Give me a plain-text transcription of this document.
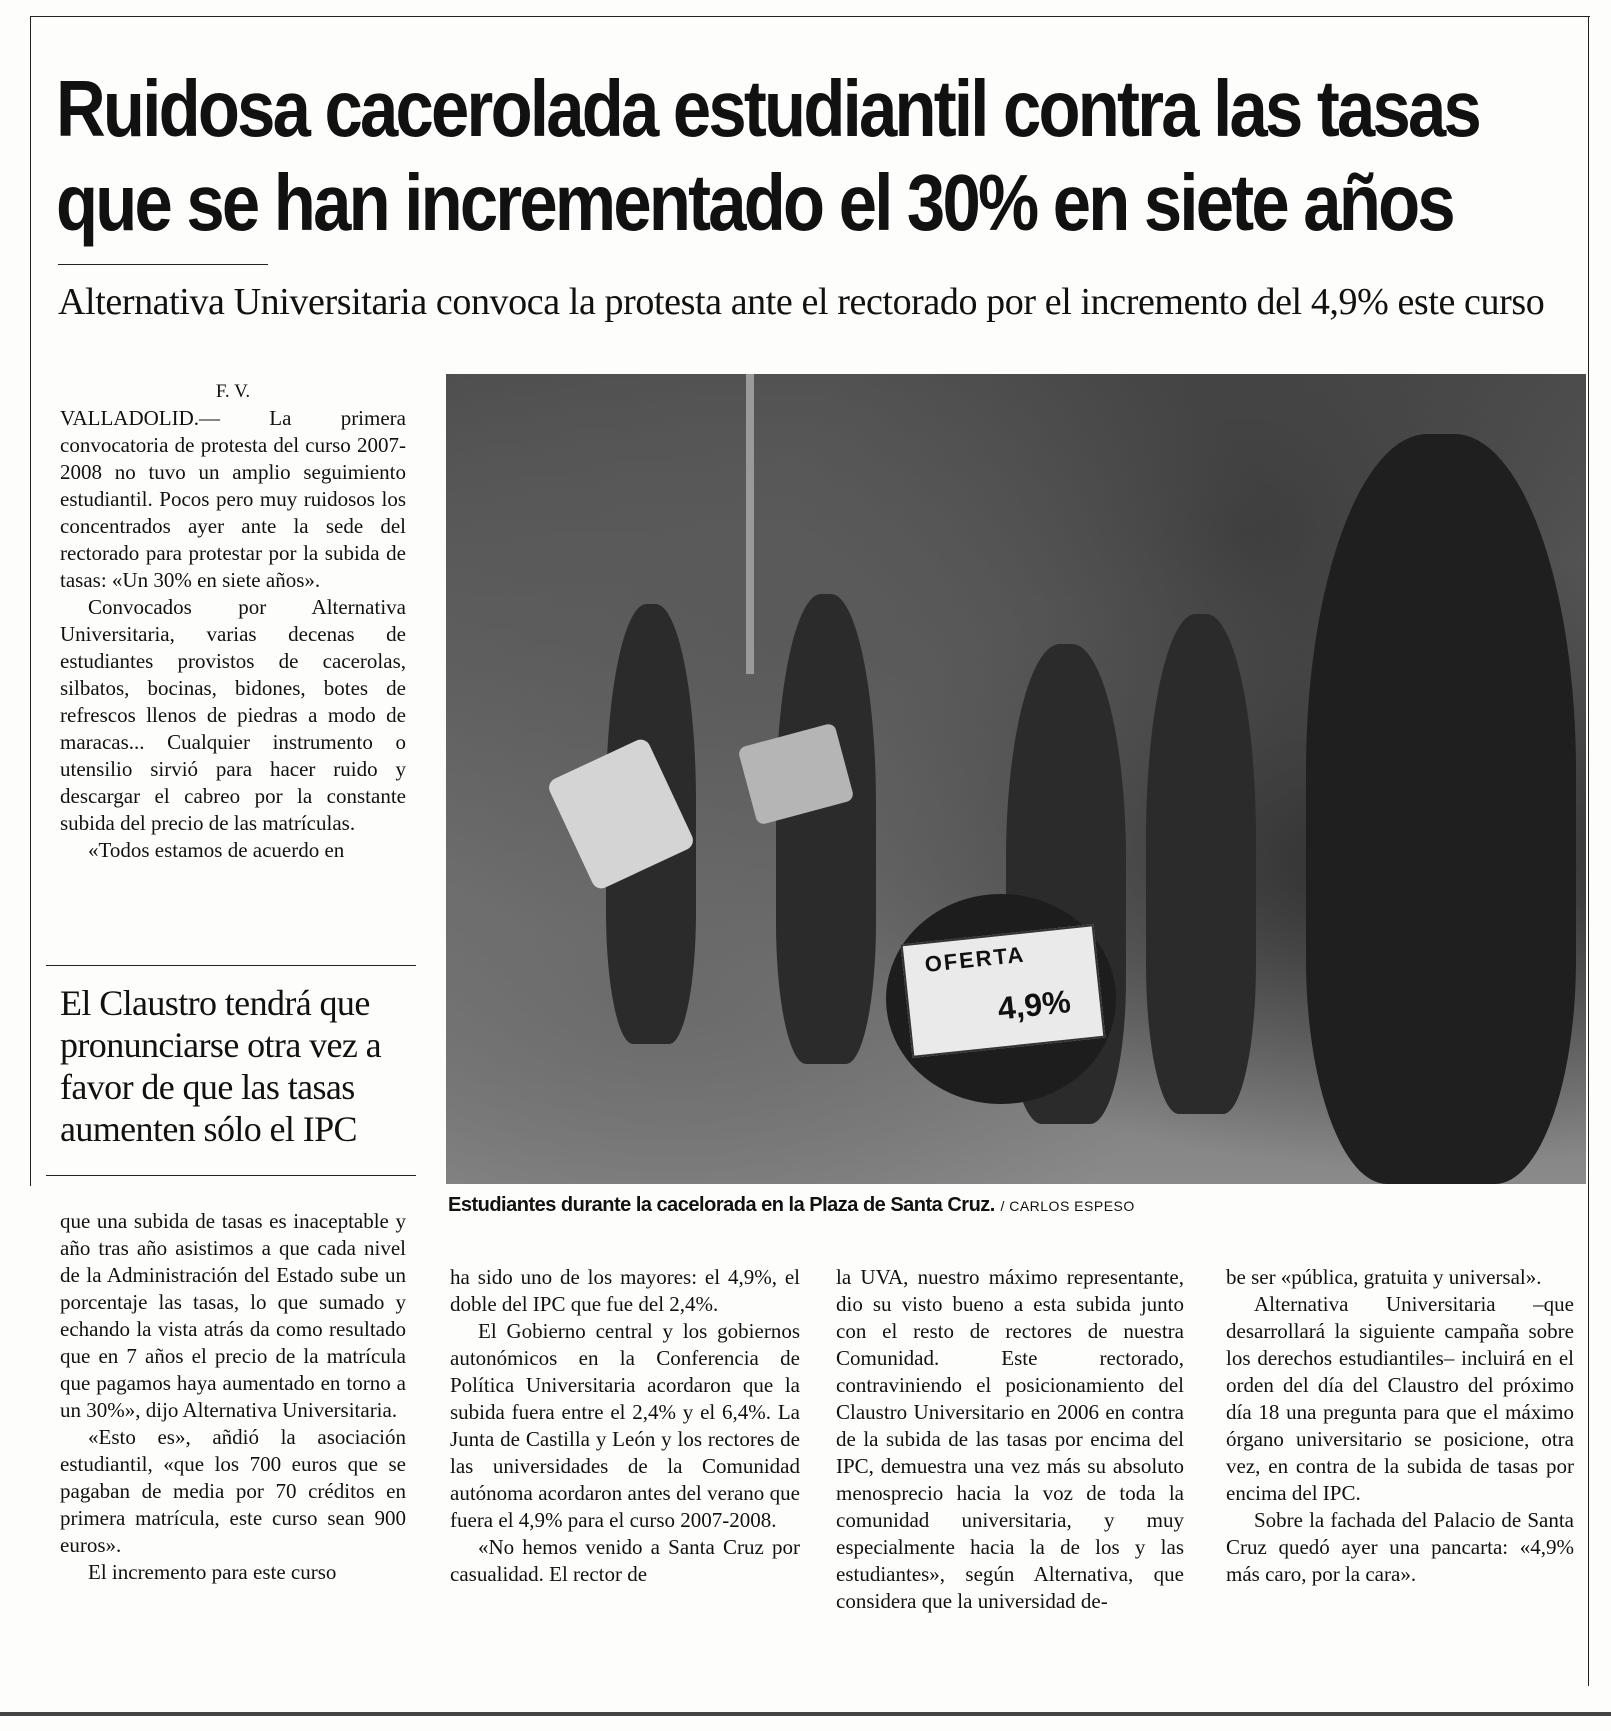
Ruidosa cacerolada estudiantil contra las tasas
que se han incrementado el 30% en siete años
Alternativa Universitaria convoca la protesta ante el rectorado por el incremento del 4,9% este curso
F. V.

VALLADOLID.— La primera convocatoria de protesta del curso 2007-2008 no tuvo un amplio seguimiento estudiantil. Pocos pero muy ruidosos los concentrados ayer ante la sede del rectorado para protestar por la subida de tasas: «Un 30% en siete años».

Convocados por Alternativa Universitaria, varias decenas de estudiantes provistos de cacerolas, silbatos, bocinas, bidones, botes de refrescos llenos de piedras a modo de maracas... Cualquier instrumento o utensilio sirvió para hacer ruido y descargar el cabreo por la constante subida del precio de las matrículas.

«Todos estamos de acuerdo en

El Claustro tendrá que pronunciarse otra vez a favor de que las tasas aumenten sólo el IPC
OFERTA
4,9%
Estudiantes durante la cacelorada en la Plaza de Santa Cruz. / CARLOS ESPESO

que una subida de tasas es inaceptable y año tras año asistimos a que cada nivel de la Administración del Estado sube un porcentaje las tasas, lo que sumado y echando la vista atrás da como resultado que en 7 años el precio de la matrícula que pagamos haya aumentado en torno a un 30%», dijo Alternativa Universitaria.

«Esto es», añdió la asociación estudiantil, «que los 700 euros que se pagaban de media por 70 créditos en primera matrícula, este curso sean 900 euros».

El incremento para este curso

ha sido uno de los mayores: el 4,9%, el doble del IPC que fue del 2,4%.

El Gobierno central y los gobiernos autonómicos en la Conferencia de Política Universitaria acordaron que la subida fuera entre el 2,4% y el 6,4%. La Junta de Castilla y León y los rectores de las universidades de la Comunidad autónoma acordaron antes del verano que fuera el 4,9% para el curso 2007-2008.

«No hemos venido a Santa Cruz por casualidad. El rector de

la UVA, nuestro máximo representante, dio su visto bueno a esta subida junto con el resto de rectores de nuestra Comunidad. Este rectorado, contraviniendo el posicionamiento del Claustro Universitario en 2006 en contra de la subida de las tasas por encima del IPC, demuestra una vez más su absoluto menosprecio hacia la voz de toda la comunidad universitaria, y muy especialmente hacia la de los y las estudiantes», según Alternativa, que considera que la universidad de-

be ser «pública, gratuita y universal».

Alternativa Universitaria –que desarrollará la siguiente campaña sobre los derechos estudiantiles– incluirá en el orden del día del Claustro del próximo día 18 una pregunta para que el máximo órgano universitario se posicione, otra vez, en contra de la subida de tasas por encima del IPC.

Sobre la fachada del Palacio de Santa Cruz quedó ayer una pancarta: «4,9% más caro, por la cara».
